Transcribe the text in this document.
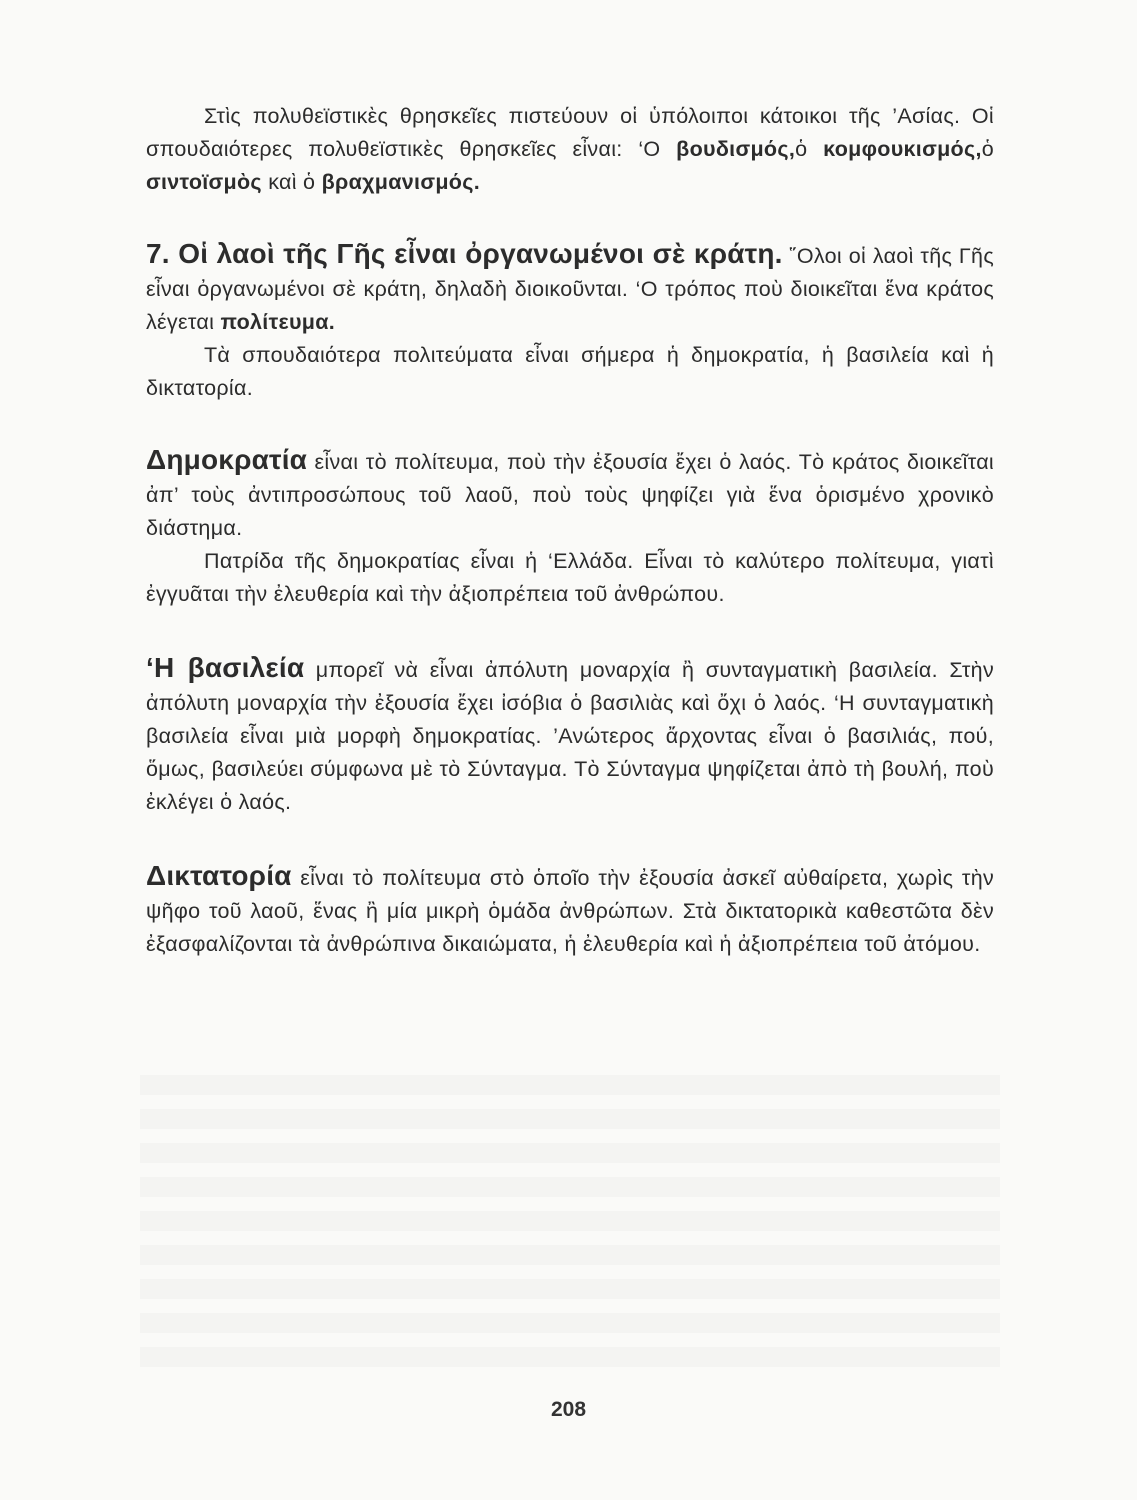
Στὶς πολυθεϊστικὲς θρησκεῖες πιστεύουν οἱ ὑπόλοιποι κάτοικοι τῆς ’Ασίας. Οἱ σπουδαιότερες πολυθεϊστικὲς θρησκεῖες εἶναι: ‘Ο βουδισμός,ὁ κομφουκισμός,ὁ σιντοϊσμὸς καὶ ὁ βραχμανισμός.

7. Οἱ λαοὶ τῆς Γῆς εἶναι ὀργανωμένοι σὲ κράτη. ῞Ολοι οἱ λαοὶ τῆς Γῆς εἶναι ὀργανωμένοι σὲ κράτη, δηλαδὴ διοικοῦνται. ‘Ο τρόπος ποὺ διοικεῖται ἕνα κράτος λέγεται πολίτευμα.

Τὰ σπουδαιότερα πολιτεύματα εἶναι σήμερα ἡ δημοκρατία, ἡ βασιλεία καὶ ἡ δικτατορία.

Δημοκρατία εἶναι τὸ πολίτευμα, ποὺ τὴν ἐξουσία ἔχει ὁ λαός. Τὸ κράτος διοικεῖται ἀπ’ τοὺς ἀντιπροσώπους τοῦ λαοῦ, ποὺ τοὺς ψηφίζει γιὰ ἕνα ὁρισμένο χρονικὸ διάστημα.

Πατρίδα τῆς δημοκρατίας εἶναι ἡ ‘Ελλάδα. Εἶναι τὸ καλύτερο πολίτευμα, γιατὶ ἐγγυᾶται τὴν ἐλευθερία καὶ τὴν ἀξιοπρέπεια τοῦ ἀνθρώπου.

‘Η βασιλεία μπορεῖ νὰ εἶναι ἀπόλυτη μοναρχία ἢ συνταγματικὴ βασιλεία. Στὴν ἀπόλυτη μοναρχία τὴν ἐξουσία ἔχει ἰσόβια ὁ βασιλιὰς καὶ ὄχι ὁ λαός. ‘Η συνταγματικὴ βασιλεία εἶναι μιὰ μορφὴ δημοκρατίας. ’Ανώτερος ἄρχοντας εἶναι ὁ βασιλιάς, πού, ὅμως, βασιλεύει σύμφωνα μὲ τὸ Σύνταγμα. Τὸ Σύνταγμα ψηφίζεται ἀπὸ τὴ βουλή, ποὺ ἐκλέγει ὁ λαός.

Δικτατορία εἶναι τὸ πολίτευμα στὸ ὁποῖο τὴν ἐξουσία ἀσκεῖ αὐθαίρετα, χωρὶς τὴν ψῆφο τοῦ λαοῦ, ἕνας ἢ μία μικρὴ ὁμάδα ἀνθρώπων. Στὰ δικτατορικὰ καθεστῶτα δὲν ἐξασφαλίζονται τὰ ἀνθρώπινα δικαιώματα, ἡ ἐλευθερία καὶ ἡ ἀξιοπρέπεια τοῦ ἀτόμου.

208
